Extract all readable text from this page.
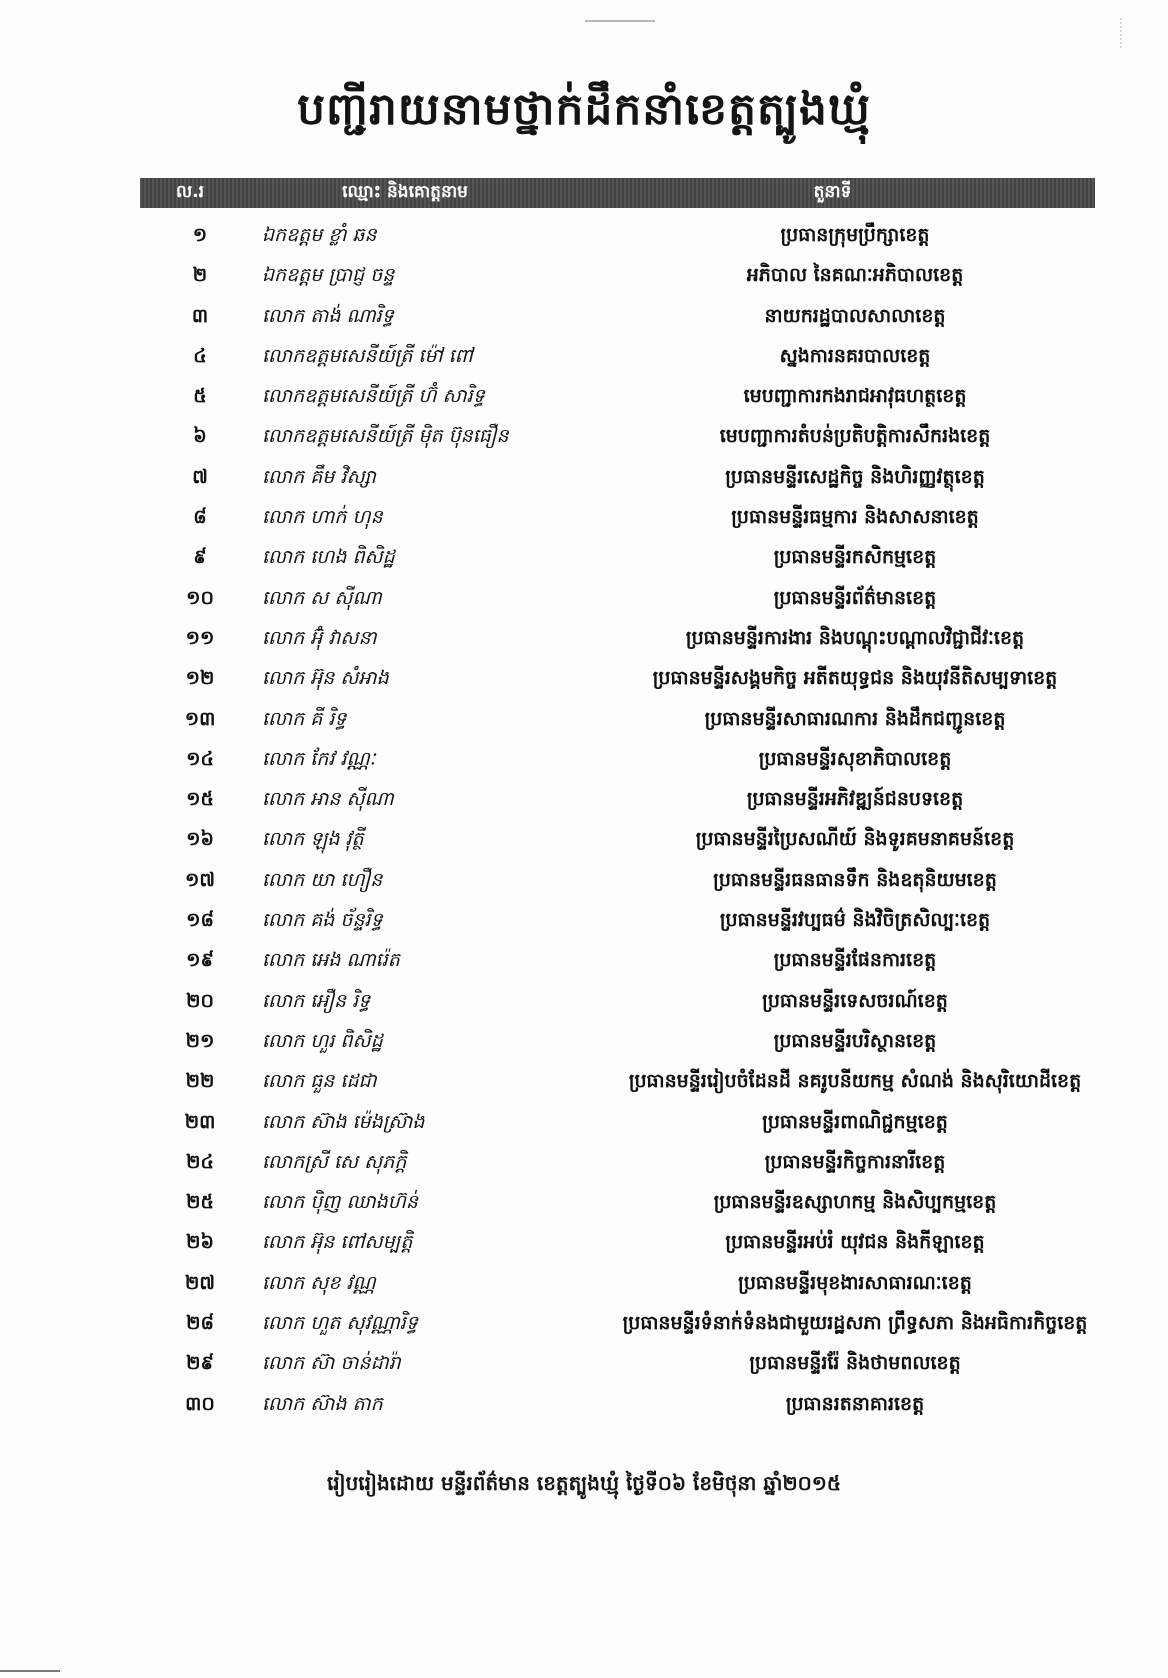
បញ្ជីរាយនាមថ្នាក់ដឹកនាំខេត្តត្បូងឃ្មុំ
ល.រ	ឈ្មោះ និងគោត្តនាម	តួនាទី
១	ឯកឧត្តម ខ្លាំ ឆន	ប្រធានក្រុមប្រឹក្សាខេត្ត
២	ឯកឧត្តម ប្រាជ្ញ ចន្ទ	អភិបាល នៃគណៈអភិបាលខេត្ត
៣	លោក តាង់ ណារិទ្ធ	នាយករដ្ឋបាលសាលាខេត្ត
៤	លោកឧត្តមសេនីយ៍ត្រី ម៉ៅ ពៅ	ស្នងការនគរបាលខេត្ត
៥	លោកឧត្តមសេនីយ៍ត្រី ហ៊ំ សារិទ្ធ	មេបញ្ជាការកងរាជអាវុធហត្ថខេត្ត
៦	លោកឧត្តមសេនីយ៍ត្រី ម៉ិត ប៊ុនធឿន	មេបញ្ជាការតំបន់ប្រតិបត្តិការសឹករងខេត្ត
៧	លោក គឹម វិស្សា	ប្រធានមន្ទីរសេដ្ឋកិច្ច និងហិរញ្ញវត្ថុខេត្ត
៨	លោក ហាក់ ហុន	ប្រធានមន្ទីរធម្មការ និងសាសនាខេត្ត
៩	លោក ហេង ពិសិដ្ឋ	ប្រធានមន្ទីរកសិកម្មខេត្ត
១០	លោក ស ស៊ីណា	ប្រធានមន្ទីរព័ត៌មានខេត្ត
១១	លោក អ៊ុំ វាសនា	ប្រធានមន្ទីរការងារ និងបណ្តុះបណ្តាលវិជ្ជាជីវៈខេត្ត
១២	លោក អ៊ុន សំអាង	ប្រធានមន្ទីរសង្គមកិច្ច អតីតយុទ្ធជន និងយុវនីតិសម្បទាខេត្ត
១៣	លោក គី រិទ្ធ	ប្រធានមន្ទីរសាធារណការ និងដឹកជញ្ជូនខេត្ត
១៤	លោក កែវ វណ្ណៈ	ប្រធានមន្ទីរសុខាភិបាលខេត្ត
១៥	លោក អាន ស៊ីណា	ប្រធានមន្ទីរអភិវឌ្ឍន៍ជនបទខេត្ត
១៦	លោក ឡុង វុត្ថី	ប្រធានមន្ទីរប្រៃសណីយ៍ និងទូរគមនាគមន៍ខេត្ត
១៧	លោក យា ហឿន	ប្រធានមន្ទីរធនធានទឹក និងឧតុនិយមខេត្ត
១៨	លោក គង់ ច័ន្ទរិទ្ធ	ប្រធានមន្ទីរវប្បធម៌ និងវិចិត្រសិល្បៈខេត្ត
១៩	លោក អេង ណារ៉េត	ប្រធានមន្ទីរផែនការខេត្ត
២០	លោក អឿន រិទ្ធ	ប្រធានមន្ទីរទេសចរណ៍ខេត្ត
២១	លោក ហួរ ពិសិដ្ឋ	ប្រធានមន្ទីរបរិស្ថានខេត្ត
២២	លោក ធួន ដេជា	ប្រធានមន្ទីររៀបចំដែនដី នគរូបនីយកម្ម សំណង់ និងសុរិយោដីខេត្ត
២៣	លោក ស៊ាង ម៉េងស្រ៊ាង	ប្រធានមន្ទីរពាណិជ្ជកម្មខេត្ត
២៤	លោកស្រី សេ សុភក្តិ	ប្រធានមន្ទីរកិច្ចការនារីខេត្ត
២៥	លោក ប៉ិញ ឈាងហ៊ន់	ប្រធានមន្ទីរឧស្សាហកម្ម និងសិប្បកម្មខេត្ត
២៦	លោក អ៊ុន ពៅសម្បត្តិ	ប្រធានមន្ទីរអប់រំ យុវជន និងកីឡាខេត្ត
២៧	លោក សុខ វណ្ណ	ប្រធានមន្ទីរមុខងារសាធារណៈខេត្ត
២៨	លោក ហួត សុវណ្ណារិទ្ធ	ប្រធានមន្ទីរទំនាក់ទំនងជាមួយរដ្ឋសភា ព្រឹទ្ធសភា និងអធិការកិច្ចខេត្ត
២៩	លោក ស៊ា ចាន់ដារ៉ា	ប្រធានមន្ទីររ៉ែ និងថាមពលខេត្ត
៣០	លោក ស៊ាង តាក	ប្រធានរតនាគារខេត្ត
រៀបរៀងដោយ មន្ទីរព័ត៌មាន ខេត្តត្បូងឃ្មុំ ថ្ងៃទី០៦ ខែមិថុនា ឆ្នាំ២០១៥
